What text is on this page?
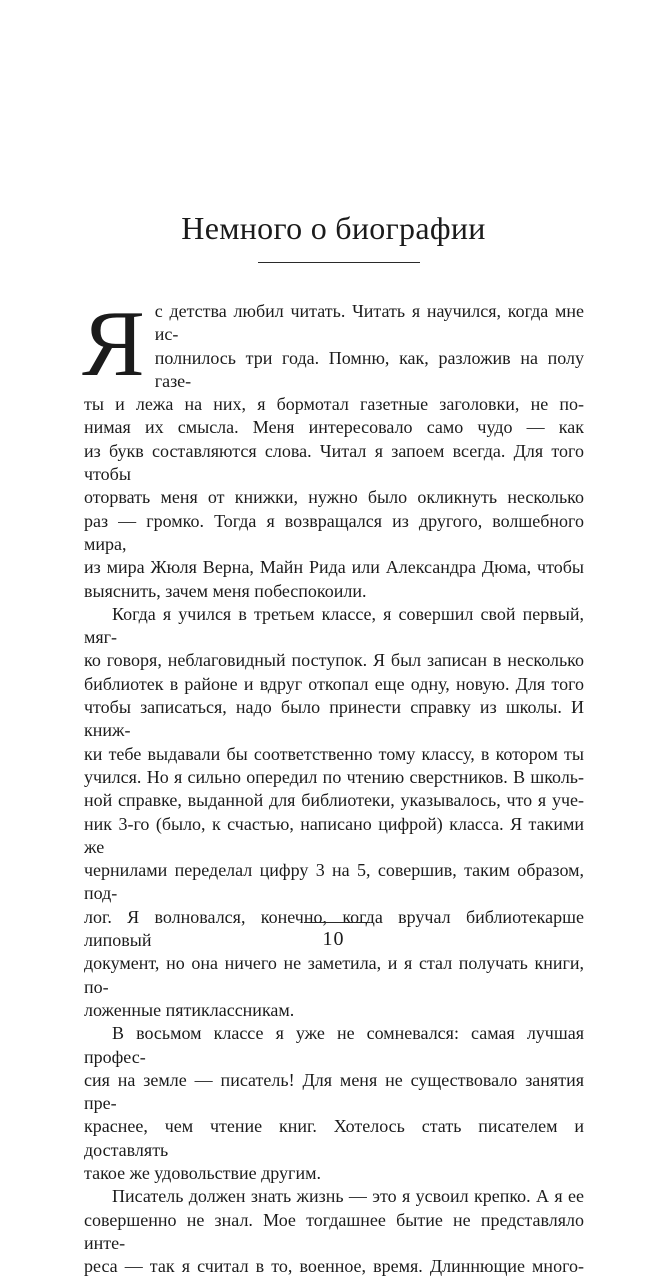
Немного о биографии
Я с детства любил читать. Читать я научился, когда мне ис-

полнилось три года. Помню, как, разложив на полу газе-

ты и лежа на них, я бормотал газетные заголовки, не по-

нимая их смысла. Меня интересовало само чудо — как

из букв составляются слова. Читал я запоем всегда. Для того чтобы

оторвать меня от книжки, нужно было окликнуть несколько

раз — громко. Тогда я возвращался из другого, волшебного мира,

из мира Жюля Верна, Майн Рида или Александра Дюма, чтобы

выяснить, зачем меня побеспокоили.

Когда я учился в третьем классе, я совершил свой первый, мяг-

ко говоря, неблаговидный поступок. Я был записан в несколько

библиотек в районе и вдруг откопал еще одну, новую. Для того

чтобы записаться, надо было принести справку из школы. И книж-

ки тебе выдавали бы соответственно тому классу, в котором ты

учился. Но я сильно опередил по чтению сверстников. В школь-

ной справке, выданной для библиотеки, указывалось, что я уче-

ник 3-го (было, к счастью, написано цифрой) класса. Я такими же

чернилами переделал цифру 3 на 5, совершив, таким образом, под-

лог. Я волновался, конечно, когда вручал библиотекарше липовый

документ, но она ничего не заметила, и я стал получать книги, по-

ложенные пятиклассникам.

В восьмом классе я уже не сомневался: самая лучшая профес-

сия на земле — писатель! Для меня не существовало занятия пре-

краснее, чем чтение книг. Хотелось стать писателем и доставлять

такое же удовольствие другим.

Писатель должен знать жизнь — это я усвоил крепко. А я ее

совершенно не знал. Мое тогдашнее бытие не представляло инте-

реса — так я считал в то, военное, время. Длиннющие много-

10
